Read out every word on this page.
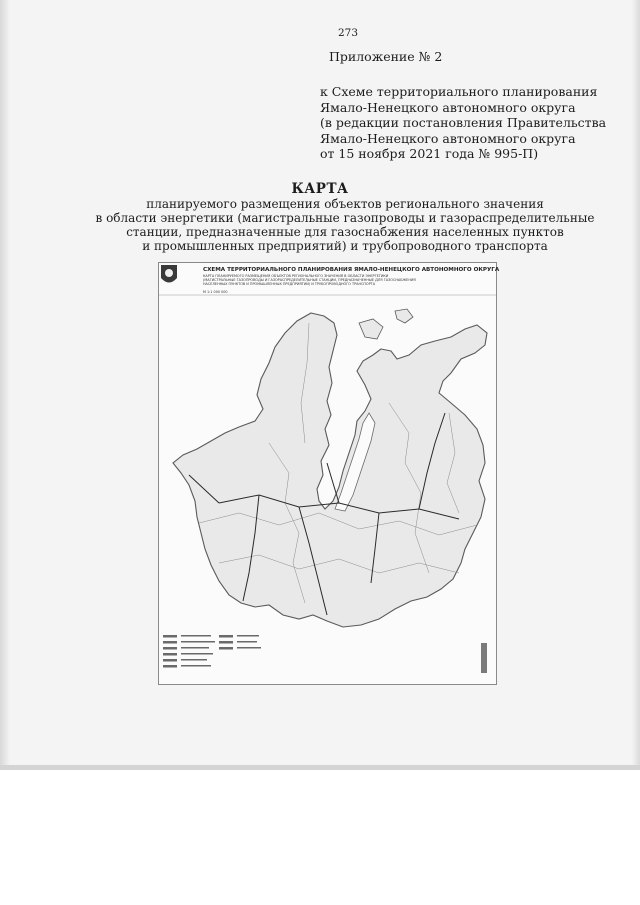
273
Приложение № 2
к Схеме территориального планирования
Ямало-Ненецкого автономного округа
(в редакции постановления Правительства
Ямало-Ненецкого автономного округа
от 15 ноября 2021 года № 995-П)
КАРТА
планируемого размещения объектов регионального значения
в области энергетики (магистральные газопроводы и газораспределительные
станции, предназначенные для газоснабжения населенных пунктов
и промышленных предприятий) и трубопроводного транспорта
СХЕМА ТЕРРИТОРИАЛЬНОГО ПЛАНИРОВАНИЯ ЯМАЛО-НЕНЕЦКОГО АВТОНОМНОГО ОКРУГА
КАРТА ПЛАНИРУЕМОГО РАЗМЕЩЕНИЯ ОБЪЕКТОВ РЕГИОНАЛЬНОГО ЗНАЧЕНИЯ В ОБЛАСТИ ЭНЕРГЕТИКИ
(МАГИСТРАЛЬНЫЕ ГАЗОПРОВОДЫ И ГАЗОРАСПРЕДЕЛИТЕЛЬНЫЕ СТАНЦИИ, ПРЕДНАЗНАЧЕННЫЕ ДЛЯ ГАЗОСНАБЖЕНИЯ
НАСЕЛЕННЫХ ПУНКТОВ И ПРОМЫШЛЕННЫХ ПРЕДПРИЯТИЙ) И ТРУБОПРОВОДНОГО ТРАНСПОРТА
М 1:1 000 000
